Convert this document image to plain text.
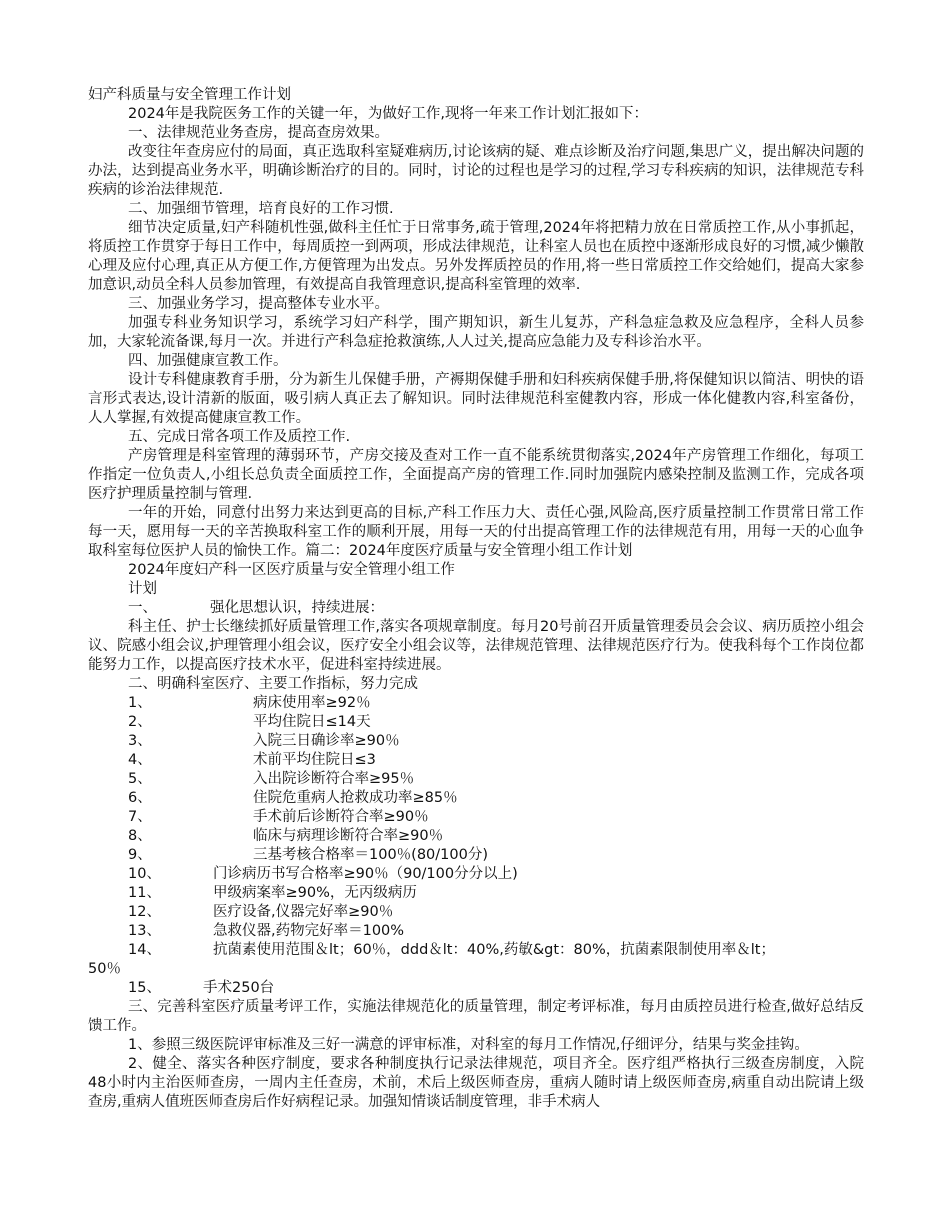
妇产科质量与安全管理工作计划

2024年是我院医务工作的关键一年，为做好工作,现将一年来工作计划汇报如下：

一、法律规范业务查房，提高查房效果。

改变往年查房应付的局面，真正选取科室疑难病历,讨论该病的疑、难点诊断及治疗问题,集思广义，提出解决问题的办法，达到提高业务水平，明确诊断治疗的目的。同时，讨论的过程也是学习的过程,学习专科疾病的知识，法律规范专科疾病的诊治法律规范.

二、加强细节管理，培育良好的工作习惯.

细节决定质量,妇产科随机性强,做科主任忙于日常事务,疏于管理,2024年将把精力放在日常质控工作,从小事抓起，将质控工作贯穿于每日工作中，每周质控一到两项，形成法律规范，让科室人员也在质控中逐渐形成良好的习惯,减少懒散心理及应付心理,真正从方便工作,方便管理为出发点。另外发挥质控员的作用,将一些日常质控工作交给她们，提高大家参加意识,动员全科人员参加管理，有效提高自我管理意识,提高科室管理的效率.

三、加强业务学习，提高整体专业水平。

加强专科业务知识学习，系统学习妇产科学，围产期知识，新生儿复苏，产科急症急救及应急程序，全科人员参加，大家轮流备课,每月一次。并进行产科急症抢救演练,人人过关,提高应急能力及专科诊治水平。

四、加强健康宣教工作。

设计专科健康教育手册，分为新生儿保健手册，产褥期保健手册和妇科疾病保健手册,将保健知识以简洁、明快的语言形式表达,设计清新的版面，吸引病人真正去了解知识。同时法律规范科室健教内容，形成一体化健教内容,科室备份，人人掌握,有效提高健康宣教工作。

五、完成日常各项工作及质控工作.

产房管理是科室管理的薄弱环节，产房交接及查对工作一直不能系统贯彻落实,2024年产房管理工作细化，每项工作指定一位负责人,小组长总负责全面质控工作，全面提高产房的管理工作.同时加强院内感染控制及监测工作，完成各项医疗护理质量控制与管理.

一年的开始，同意付出努力来达到更高的目标,产科工作压力大、责任心强,风险高,医疗质量控制工作贯常日常工作每一天，愿用每一天的辛苦换取科室工作的顺利开展，用每一天的付出提高管理工作的法律规范有用，用每一天的心血争取科室每位医护人员的愉快工作。篇二：2024年度医疗质量与安全管理小组工作计划

2024年度妇产科一区医疗质量与安全管理小组工作

计划

一、	强化思想认识，持续进展：

科主任、护士长继续抓好质量管理工作,落实各项规章制度。每月20号前召开质量管理委员会会议、病历质控小组会议、院感小组会议,护理管理小组会议，医疗安全小组会议等，法律规范管理、法律规范医疗行为。使我科每个工作岗位都能努力工作，以提高医疗技术水平，促进科室持续进展。

二、明确科室医疗、主要工作指标，努力完成

1、	病床使用率≥92％
2、	平均住院日≤14天
3、	入院三日确诊率≥90％
4、	术前平均住院日≤3
5、	入出院诊断符合率≥95％
6、	住院危重病人抢救成功率≥85％
7、	手术前后诊断符合率≥90％
8、	临床与病理诊断符合率≥90％
9、	三基考核合格率＝100％(80/100分)
10、	门诊病历书写合格率≥90％（90/100分分以上)
11、	甲级病案率≥90%，无丙级病历
12、	医疗设备,仪器完好率≥90％
13、	急救仪器,药物完好率＝100%
14、	抗菌素使用范围＆lt；60％，ddd＆lt：40%,药敏&gt：80%，抗菌素限制使用率＆lt；
50％
15、	手术250台

三、完善科室医疗质量考评工作，实施法律规范化的质量管理，制定考评标准，每月由质控员进行检查,做好总结反馈工作。

1、参照三级医院评审标准及三好一满意的评审标准，对科室的每月工作情况,仔细评分，结果与奖金挂钩。

2、健全、落实各种医疗制度，要求各种制度执行记录法律规范，项目齐全。医疗组严格执行三级查房制度，入院48小时内主治医师查房，一周内主任查房，术前，术后上级医师查房，重病人随时请上级医师查房,病重自动出院请上级查房,重病人值班医师查房后作好病程记录。加强知情谈话制度管理，非手术病人
